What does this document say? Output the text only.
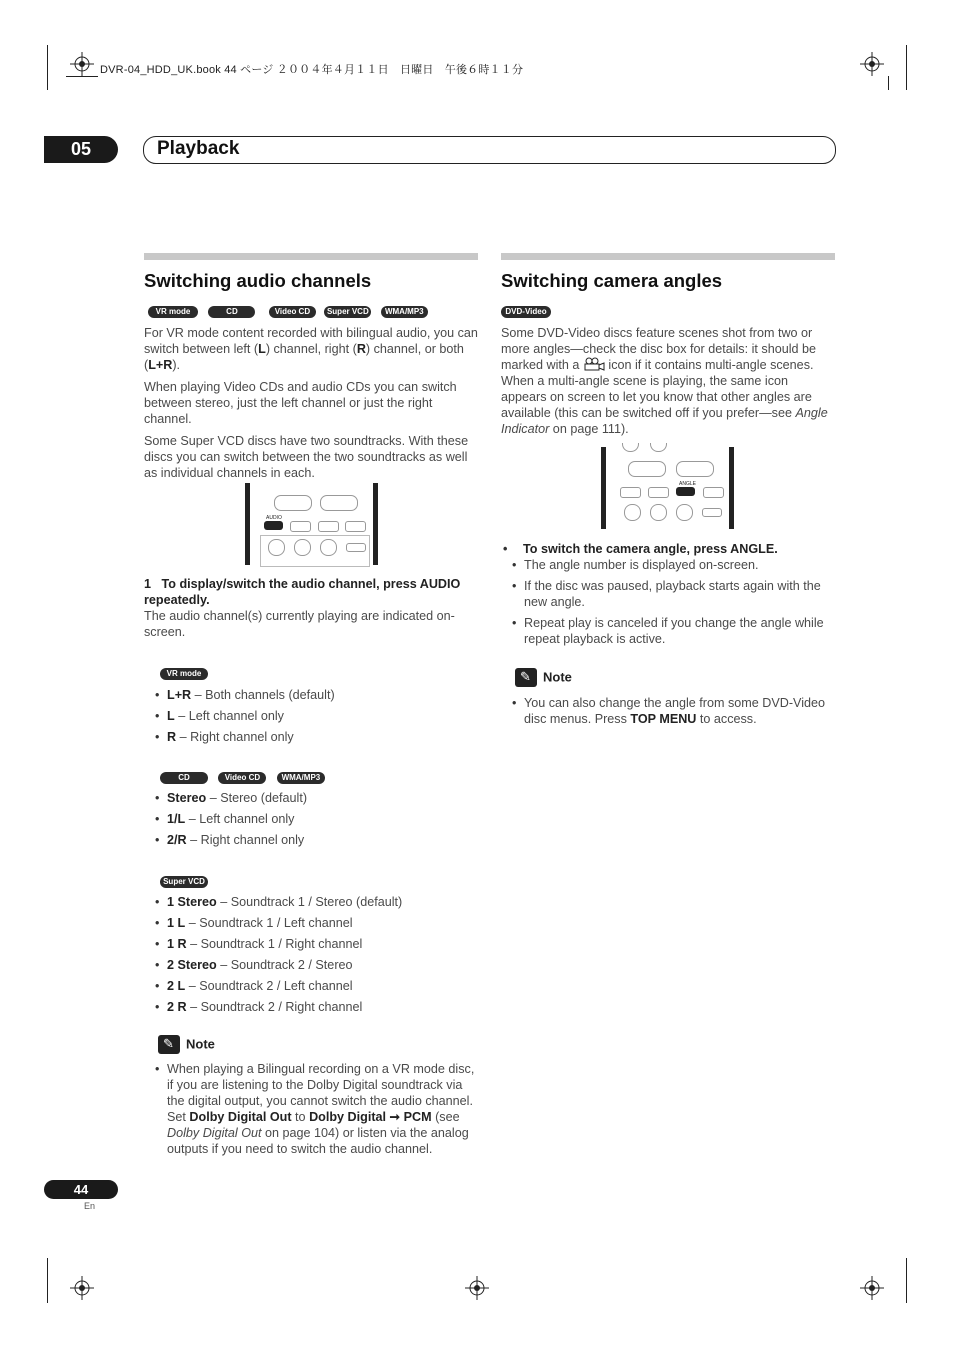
DVR-04_HDD_UK.book 44 ページ ２００４年４月１１日　日曜日　午後６時１１分
05	Playback
Switching audio channels
VR mode	CD	Video CD Super VCD WMA/MP3

For VR mode content recorded with bilingual audio, you can switch between left (L) channel, right (R) channel, or both (L+R).

When playing Video CDs and audio CDs you can switch between stereo, just the left channel or just the right channel.

Some Super VCD discs have two soundtracks. With these discs you can switch between the two soundtracks as well as individual channels in each.

AUDIO
1 To display/switch the audio channel, press AUDIO repeatedly.
The audio channel(s) currently playing are indicated on-screen.
VR mode
• L+R – Both channels (default)
• L – Left channel only
• R – Right channel only
CD	Video CD	WMA/MP3
• Stereo – Stereo (default)
• 1/L – Left channel only
• 2/R – Right channel only
Super VCD
• 1 Stereo – Soundtrack 1 / Stereo (default)
• 1 L – Soundtrack 1 / Left channel
• 1 R – Soundtrack 1 / Right channel
• 2 Stereo – Soundtrack 2 / Stereo
• 2 L – Soundtrack 2 / Left channel
• 2 R – Soundtrack 2 / Right channel
✎Note
• When playing a Bilingual recording on a VR mode disc, if you are listening to the Dolby Digital soundtrack via the digital output, you cannot switch the audio channel. Set Dolby Digital Out to Dolby Digital ➞ PCM (see Dolby Digital Out on page 104) or listen via the analog outputs if you need to switch the audio channel.
Switching camera angles
DVD-Video

Some DVD-Video discs feature scenes shot from two or more angles—check the disc box for details: it should be marked with a  icon if it contains multi-angle scenes.

When a multi-angle scene is playing, the same icon appears on screen to let you know that other angles are available (this can be switched off if you prefer—see Angle Indicator on page 111).

ANGLE
• To switch the camera angle, press ANGLE.
• The angle number is displayed on-screen.
• If the disc was paused, playback starts again with the new angle.
• Repeat play is canceled if you change the angle while repeat playback is active.
✎Note
• You can also change the angle from some DVD-Video disc menus. Press TOP MENU to access.
44
En
